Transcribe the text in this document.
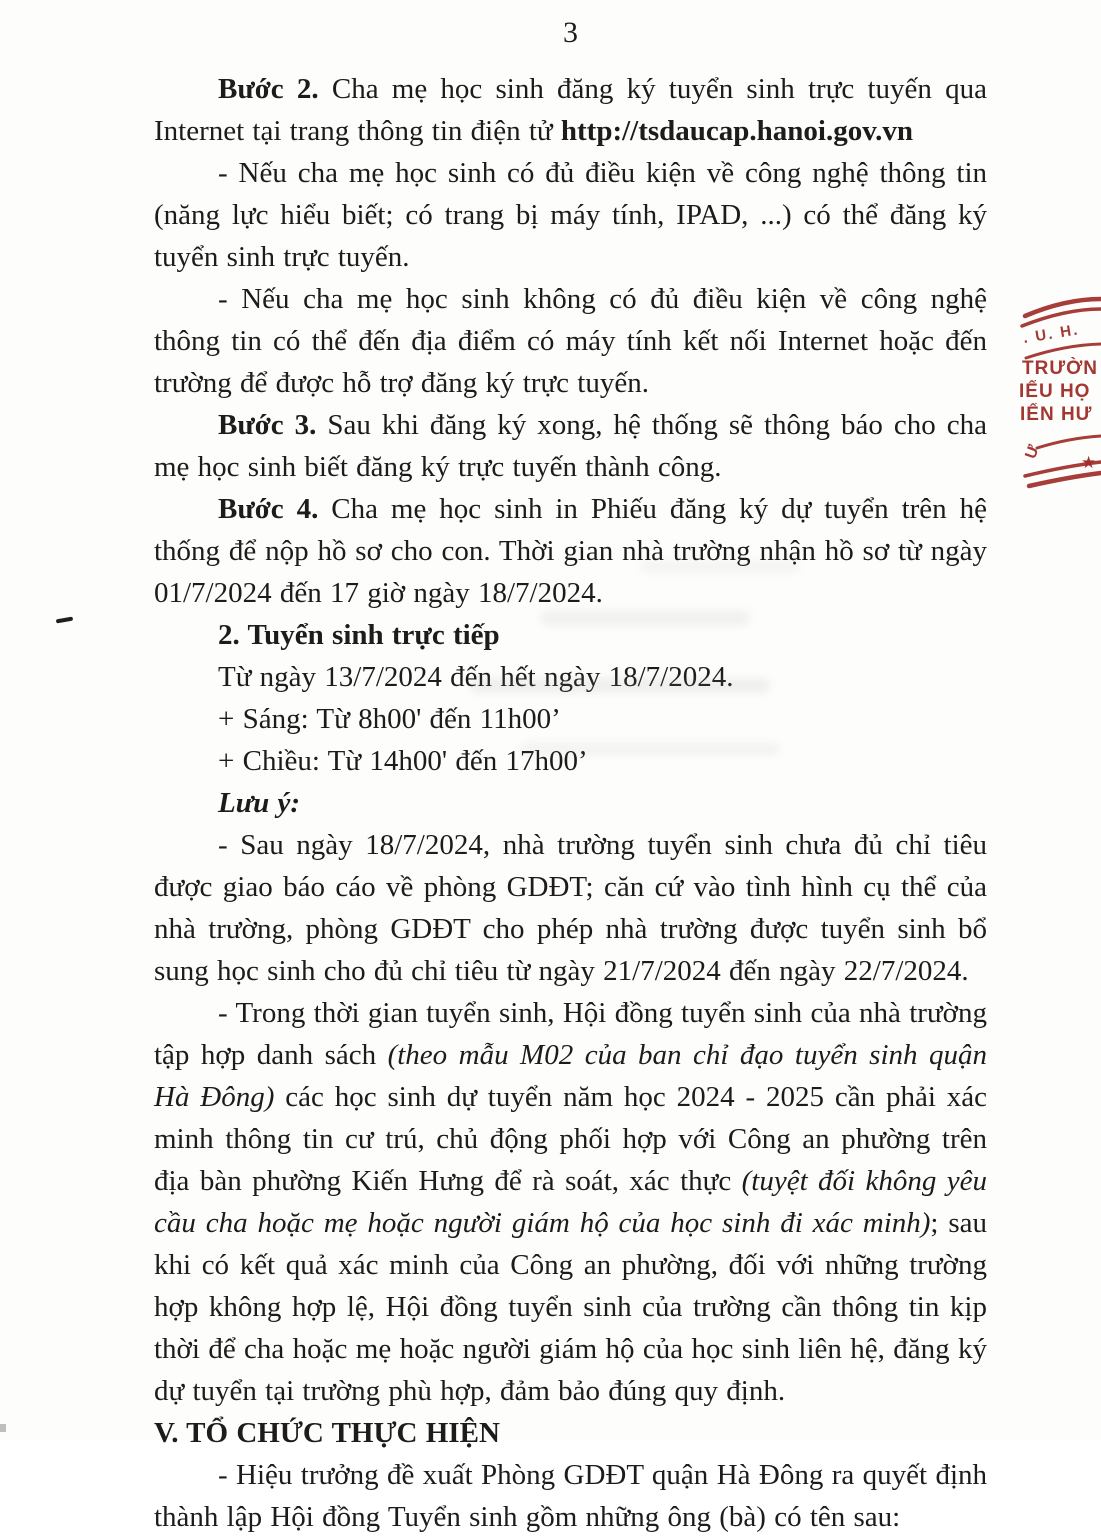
3

Bước 2. Cha mẹ học sinh đăng ký tuyển sinh trực tuyến qua Internet tại trang thông tin điện tử http://tsdaucap.hanoi.gov.vn

- Nếu cha mẹ học sinh có đủ điều kiện về công nghệ thông tin (năng lực hiểu biết; có trang bị máy tính, IPAD, ...) có thể đăng ký tuyển sinh trực tuyến.

- Nếu cha mẹ học sinh không có đủ điều kiện về công nghệ thông tin có thể đến địa điểm có máy tính kết nối Internet hoặc đến trường để được hỗ trợ đăng ký trực tuyến.

Bước 3. Sau khi đăng ký xong, hệ thống sẽ thông báo cho cha mẹ học sinh biết đăng ký trực tuyến thành công.

Bước 4. Cha mẹ học sinh in Phiếu đăng ký dự tuyển trên hệ thống để nộp hồ sơ cho con. Thời gian nhà trường nhận hồ sơ từ ngày 01/7/2024 đến 17 giờ ngày 18/7/2024.

2. Tuyển sinh trực tiếp

Từ ngày 13/7/2024 đến hết ngày 18/7/2024.

+ Sáng: Từ 8h00' đến 11h00’

+ Chiều: Từ 14h00' đến 17h00’

Lưu ý:

- Sau ngày 18/7/2024, nhà trường tuyển sinh chưa đủ chỉ tiêu được giao báo cáo về phòng GDĐT; căn cứ vào tình hình cụ thể của nhà trường, phòng GDĐT cho phép nhà trường được tuyển sinh bổ sung học sinh cho đủ chỉ tiêu từ ngày 21/7/2024 đến ngày 22/7/2024.

- Trong thời gian tuyển sinh, Hội đồng tuyển sinh của nhà trường tập hợp danh sách (theo mẫu M02 của ban chỉ đạo tuyển sinh quận Hà Đông) các học sinh dự tuyển năm học 2024 - 2025 cần phải xác minh thông tin cư trú, chủ động phối hợp với Công an phường trên địa bàn phường Kiến Hưng để rà soát, xác thực (tuyệt đối không yêu cầu cha hoặc mẹ hoặc người giám hộ của học sinh đi xác minh); sau khi có kết quả xác minh của Công an phường, đối với những trường hợp không hợp lệ, Hội đồng tuyển sinh của trường cần thông tin kịp thời để cha hoặc mẹ hoặc người giám hộ của học sinh liên hệ, đăng ký dự tuyển tại trường phù hợp, đảm bảo đúng quy định.

V. TỔ CHỨC THỰC HIỆN

- Hiệu trưởng đề xuất Phòng GDĐT quận Hà Đông ra quyết định thành lập Hội đồng Tuyển sinh gồm những ông (bà) có tên sau:

. U. H.
TRƯỜN
IỂU HỌ
IẾN HƯ
Ư
★
